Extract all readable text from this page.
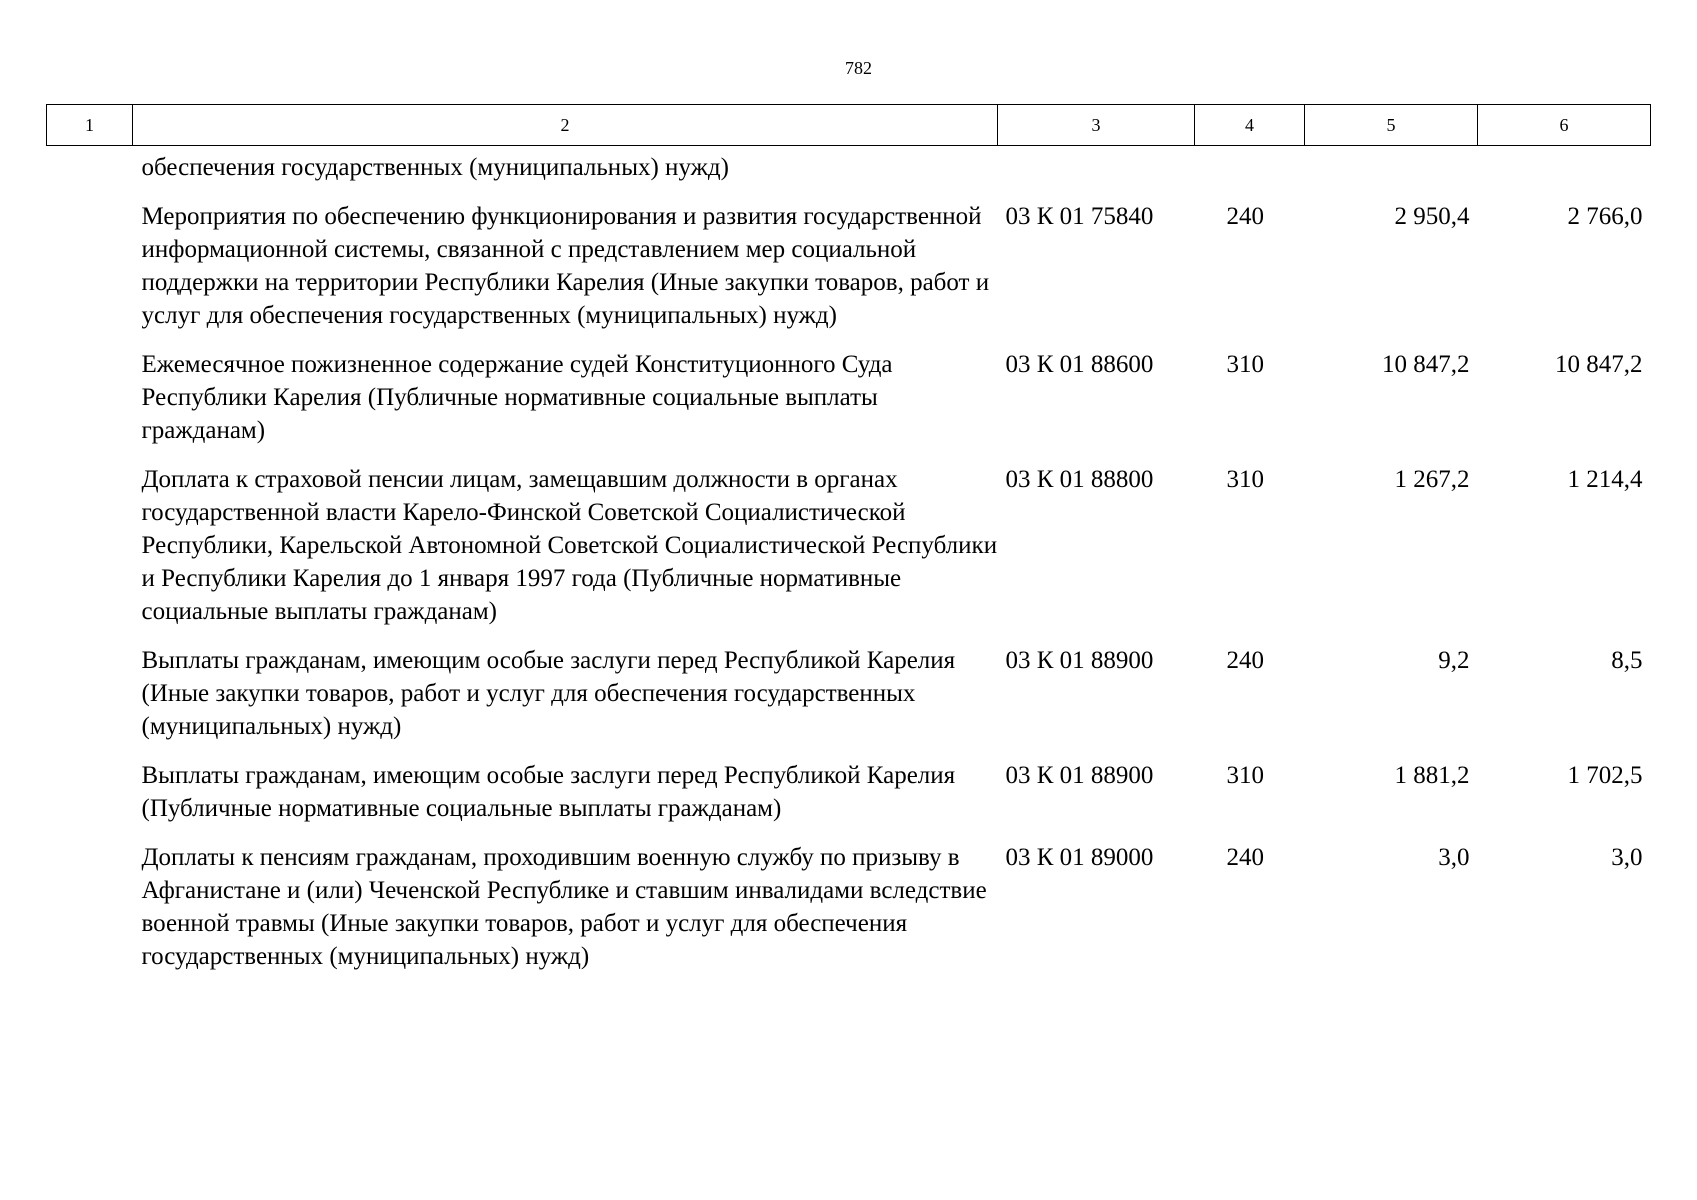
782
1	2	3	4	5	6
обеспечения государственных (муниципальных) нужд)					
Мероприятия по обеспечению функционирования и развития государственной информационной системы, связанной с представлением мер социальной поддержки на территории Республики Карелия (Иные закупки товаров, работ и услуг для обеспечения государственных (муниципальных) нужд)		03 К 01 75840	240	2 950,4	2 766,0
Ежемесячное пожизненное содержание судей Конституционного Суда Республики Карелия (Публичные нормативные социальные выплаты гражданам)		03 К 01 88600	310	10 847,2	10 847,2
Доплата к страховой пенсии лицам, замещавшим должности в органах государственной власти Карело-Финской Советской Социалистической Республики, Карельской Автономной Советской Социалистической Республики и Республики Карелия до 1 января 1997 года (Публичные нормативные социальные выплаты гражданам)		03 К 01 88800	310	1 267,2	1 214,4
Выплаты гражданам, имеющим особые заслуги перед Республикой Карелия (Иные закупки товаров, работ и услуг для обеспечения государственных (муниципальных) нужд)		03 К 01 88900	240	9,2	8,5
Выплаты гражданам, имеющим особые заслуги перед Республикой Карелия (Публичные нормативные социальные выплаты гражданам)		03 К 01 88900	310	1 881,2	1 702,5
Доплаты к пенсиям гражданам, проходившим военную службу по призыву в Афганистане и (или) Чеченской Республике и ставшим инвалидами вследствие военной травмы (Иные закупки товаров, работ и услуг для обеспечения государственных (муниципальных) нужд)		03 К 01 89000	240	3,0	3,0
